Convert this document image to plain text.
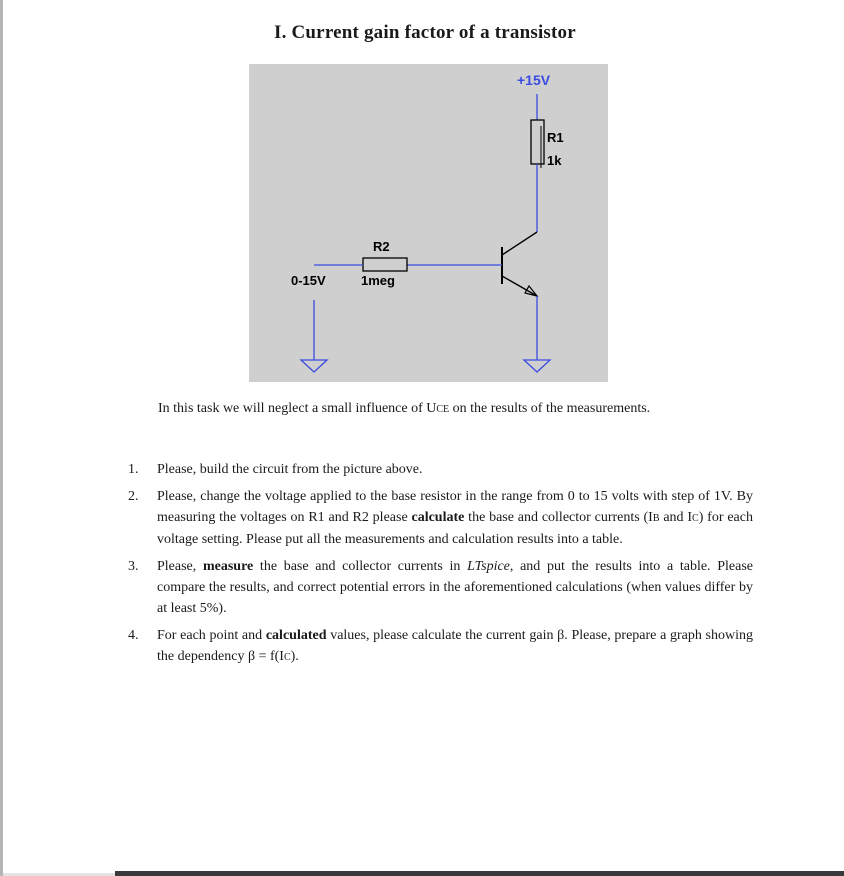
I. Current gain factor of a transistor
+15V
R1
1k
R2
1meg
0-15V

In this task we will neglect a small influence of UCE on the results of the measurements.

1. Please, build the circuit from the picture above.
2. Please, change the voltage applied to the base resistor in the range from 0 to 15 volts with step of 1V. By measuring the voltages on R1 and R2 please calculate the base and collector currents (IB and IC) for each voltage setting. Please put all the measurements and calculation results into a table.
3. Please, measure the base and collector currents in LTspice, and put the results into a table. Please compare the results, and correct potential errors in the aforementioned calculations (when values differ by at least 5%).
4. For each point and calculated values, please calculate the current gain β. Please, prepare a graph showing the dependency β = f(IC).
